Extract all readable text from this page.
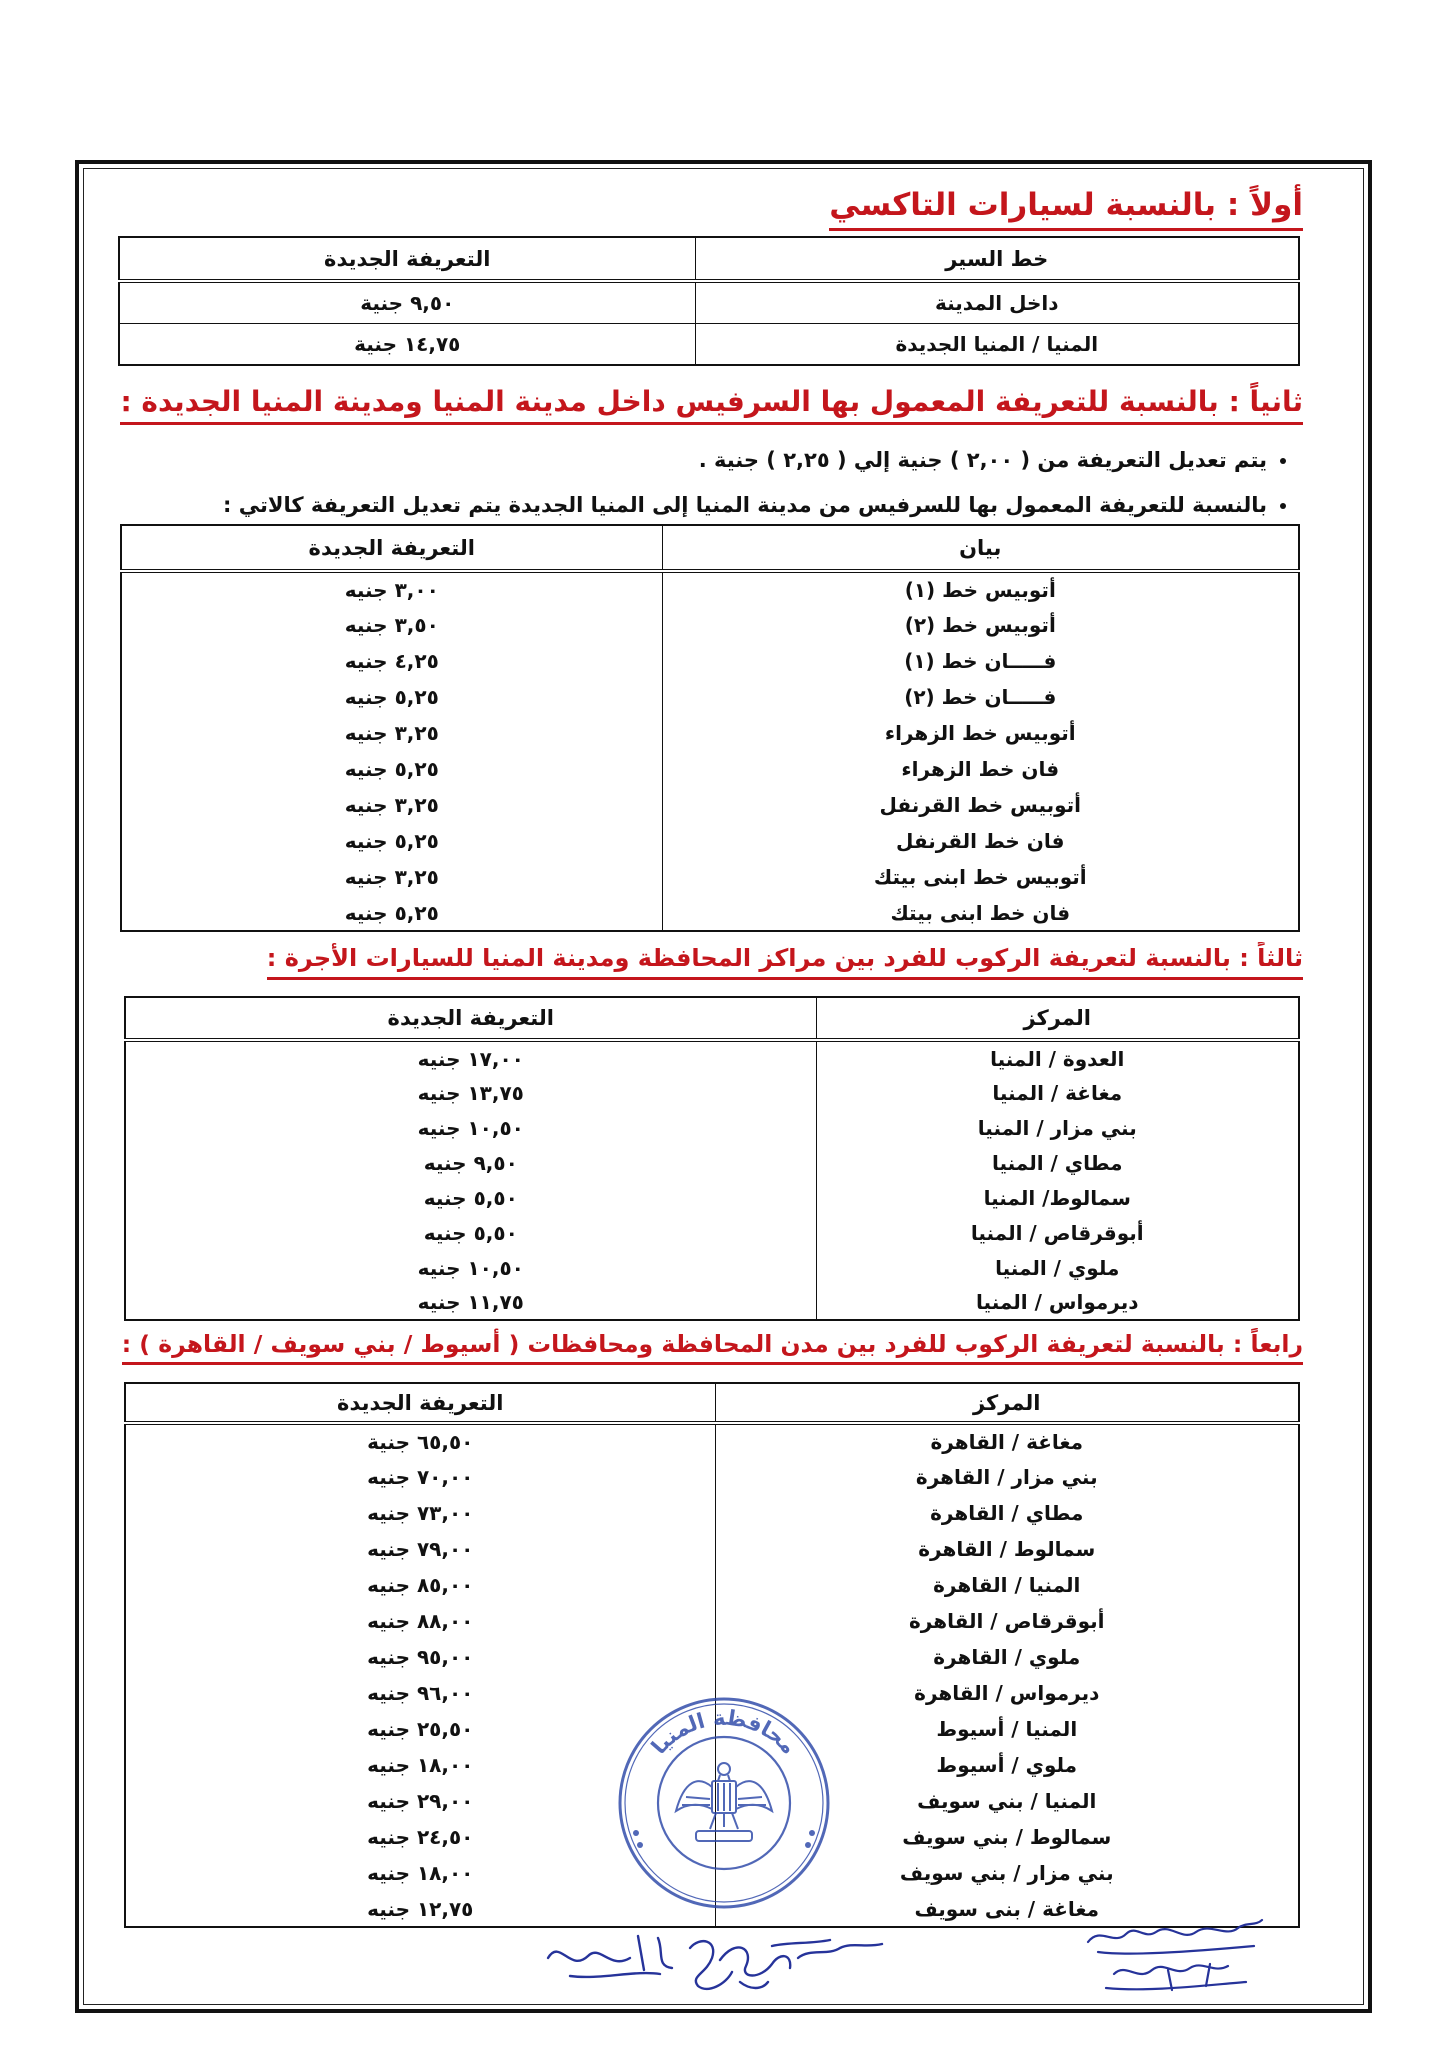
أولاً : بالنسبة لسيارات التاكسي
خط السير	التعريفة الجديدة
داخل المدينة	٩,٥٠ جنية
المنيا / المنيا الجديدة	١٤,٧٥ جنية
ثانياً : بالنسبة للتعريفة المعمول بها السرفيس داخل مدينة المنيا ومدينة المنيا الجديدة :
• يتم تعديل التعريفة من ( ٢,٠٠ ) جنية إلي ( ٢,٢٥ ) جنية .
• بالنسبة للتعريفة المعمول بها للسرفيس من مدينة المنيا إلى المنيا الجديدة يتم تعديل التعريفة كالاتي :
بيان	التعريفة الجديدة
أتوبيس خط (١)	٣,٠٠ جنيه
أتوبيس خط (٢)	٣,٥٠ جنيه
فـــــان خط (١)	٤,٢٥ جنيه
فـــــان خط (٢)	٥,٢٥ جنيه
أتوبيس خط الزهراء	٣,٢٥ جنيه
فان خط الزهراء	٥,٢٥ جنيه
أتوبيس خط القرنفل	٣,٢٥ جنيه
فان خط القرنفل	٥,٢٥ جنيه
أتوبيس خط ابنى بيتك	٣,٢٥ جنيه
فان خط ابنى بيتك	٥,٢٥ جنيه
ثالثاً : بالنسبة لتعريفة الركوب للفرد بين مراكز المحافظة ومدينة المنيا للسيارات الأجرة :
المركز	التعريفة الجديدة
العدوة / المنيا	١٧,٠٠ جنيه
مغاغة / المنيا	١٣,٧٥ جنيه
بني مزار / المنيا	١٠,٥٠ جنيه
مطاي / المنيا	٩,٥٠ جنيه
سمالوط/ المنيا	٥,٥٠ جنيه
أبوقرقاص / المنيا	٥,٥٠ جنيه
ملوي / المنيا	١٠,٥٠ جنيه
ديرمواس / المنيا	١١,٧٥ جنيه
رابعاً : بالنسبة لتعريفة الركوب للفرد بين مدن المحافظة ومحافظات ( أسيوط / بني سويف / القاهرة ) :
المركز	التعريفة الجديدة
مغاغة / القاهرة	٦٥,٥٠ جنية
بني مزار / القاهرة	٧٠,٠٠ جنيه
مطاي / القاهرة	٧٣,٠٠ جنيه
سمالوط / القاهرة	٧٩,٠٠ جنيه
المنيا / القاهرة	٨٥,٠٠ جنيه
أبوقرقاص / القاهرة	٨٨,٠٠ جنيه
ملوي / القاهرة	٩٥,٠٠ جنيه
ديرمواس / القاهرة	٩٦,٠٠ جنيه
المنيا / أسيوط	٢٥,٥٠ جنيه
ملوي / أسيوط	١٨,٠٠ جنيه
المنيا / بني سويف	٢٩,٠٠ جنيه
سمالوط / بني سويف	٢٤,٥٠ جنيه
بني مزار / بني سويف	١٨,٠٠ جنيه
مغاغة / بنى سويف	١٢,٧٥ جنيه
محافظة المنيا
